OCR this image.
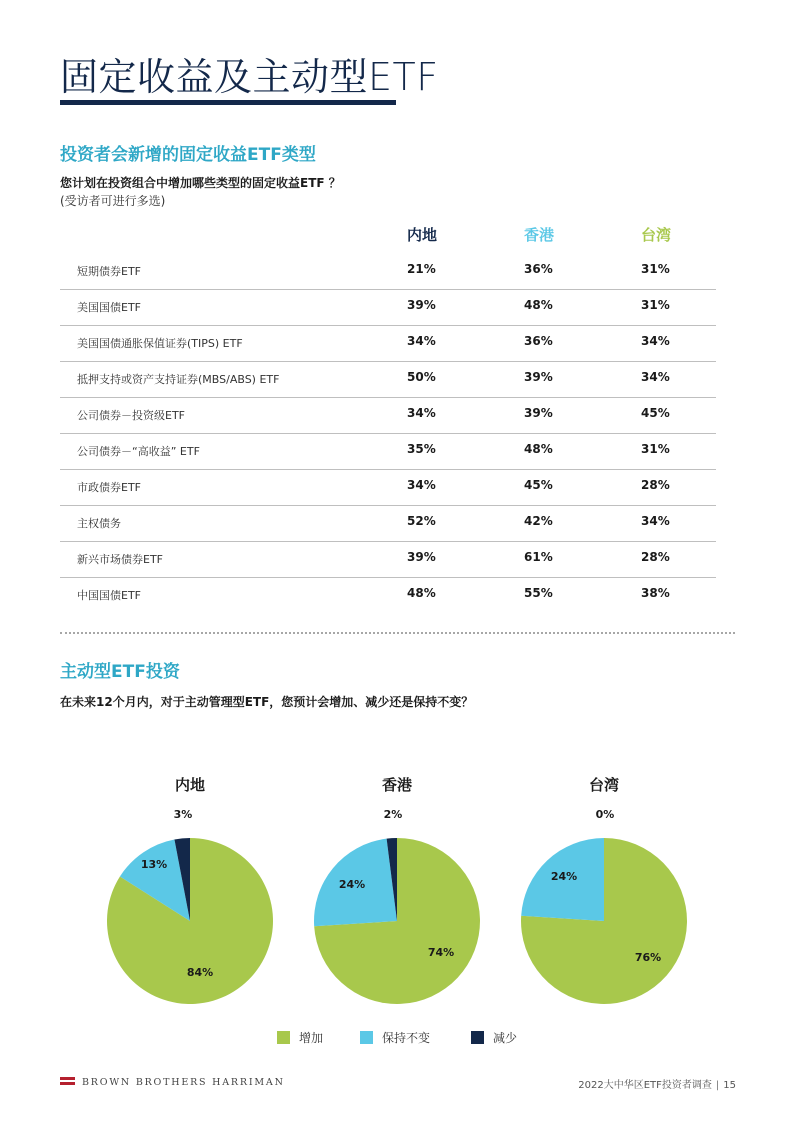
固定收益及主动型ETF
投资者会新增的固定收益ETF类型

您计划在投资组合中增加哪些类型的固定收益ETF ？

(受访者可进行多选)

内地	香港	台湾
短期债券ETF	21%	36%	31%
美国国债ETF	39%	48%	31%
美国国债通胀保值证券(TIPS) ETF	34%	36%	34%
抵押支持或资产支持证券(MBS/ABS) ETF	50%	39%	34%
公司债券－投资级ETF	34%	39%	45%
公司债券－“高收益” ETF	35%	48%	31%
市政债券ETF	34%	45%	28%
主权债务	52%	42%	34%
新兴市场债券ETF	39%	61%	28%
中国国债ETF	48%	55%	38%
主动型ETF投资

在未来12个月内，对于主动管理型ETF，您预计会增加、减少还是保持不变？

内地	香港	台湾
84%
13%
3%
74%
24%
2%
76%
24%
0%
增加	保持不变	减少
BROWN BROTHERS HARRIMAN	2022大中华区ETF投资者调查 | 15
